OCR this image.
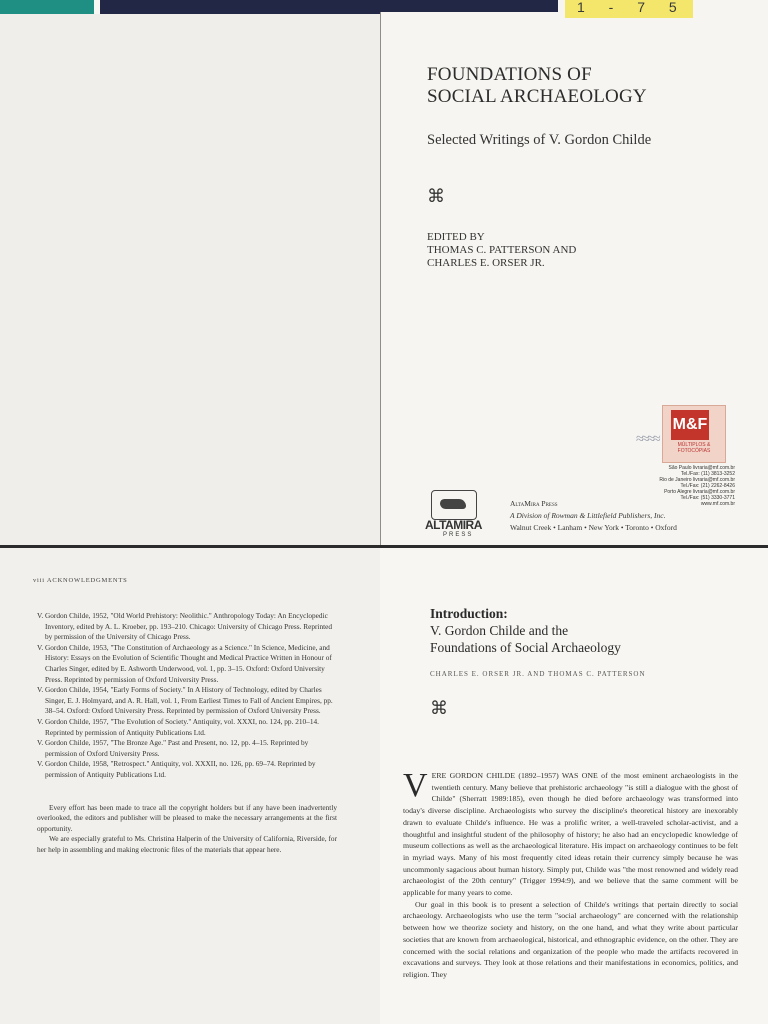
1 - 7 5
FOUNDATIONS OF
SOCIAL ARCHAEOLOGY
Selected Writings of V. Gordon Childe
⌘
EDITED BY
THOMAS C. PATTERSON AND
CHARLES E. ORSER JR.
≈≈≈≈
M&F
MÚLTIPLOS & FOTOCÓPIAS
São Paulo livraria@mf.com.br
Tel./Fax: (11) 3813-3252
Rio de Janeiro livraria@mf.com.br
Tel./Fax: (21) 2262-8426
Porto Alegre livraria@mf.com.br
Tel./Fax: (51) 3330-3771
www.mf.com.br
ALTAMIRA
PRESS
AltaMira Press
A Division of Rowman & Littlefield Publishers, Inc.
Walnut Creek • Lanham • New York • Toronto • Oxford
viii ACKNOWLEDGMENTS
V. Gordon Childe, 1952, "Old World Prehistory: Neolithic." Anthropology Today: An Encyclopedic Inventory, edited by A. L. Kroeber, pp. 193–210. Chicago: University of Chicago Press. Reprinted by permission of the University of Chicago Press.
V. Gordon Childe, 1953, "The Constitution of Archaeology as a Science." In Science, Medicine, and History: Essays on the Evolution of Scientific Thought and Medical Practice Written in Honour of Charles Singer, edited by E. Ashworth Underwood, vol. 1, pp. 3–15. Oxford: Oxford University Press. Reprinted by permission of Oxford University Press.
V. Gordon Childe, 1954, "Early Forms of Society." In A History of Technology, edited by Charles Singer, E. J. Holmyard, and A. R. Hall, vol. 1, From Earliest Times to Fall of Ancient Empires, pp. 38–54. Oxford: Oxford University Press. Reprinted by permission of Oxford University Press.
V. Gordon Childe, 1957, "The Evolution of Society." Antiquity, vol. XXXI, no. 124, pp. 210–14. Reprinted by permission of Antiquity Publications Ltd.
V. Gordon Childe, 1957, "The Bronze Age." Past and Present, no. 12, pp. 4–15. Reprinted by permission of Oxford University Press.
V. Gordon Childe, 1958, "Retrospect." Antiquity, vol. XXXII, no. 126, pp. 69–74. Reprinted by permission of Antiquity Publications Ltd.
Every effort has been made to trace all the copyright holders but if any have been inadvertently overlooked, the editors and publisher will be pleased to make the necessary arrangements at the first opportunity.
We are especially grateful to Ms. Christina Halperin of the University of California, Riverside, for her help in assembling and making electronic files of the materials that appear here.
Introduction:
V. Gordon Childe and the
Foundations of Social Archaeology
CHARLES E. ORSER JR. AND THOMAS C. PATTERSON
⌘

VERE GORDON CHILDE (1892–1957) WAS ONE of the most eminent archaeologists in the twentieth century. Many believe that prehistoric archaeology "is still a dialogue with the ghost of Childe" (Sherratt 1989:185), even though he died before archaeology was transformed into today's diverse discipline. Archaeologists who survey the discipline's theoretical history are inexorably drawn to evaluate Childe's influence. He was a prolific writer, a well-traveled scholar-activist, and a thoughtful and insightful student of the philosophy of history; he also had an encyclopedic knowledge of museum collections as well as the archaeological literature. His impact on archaeology continues to be felt in myriad ways. Many of his most frequently cited ideas retain their currency simply because he was uncommonly sagacious about human history. Simply put, Childe was "the most renowned and widely read archaeologist of the 20th century" (Trigger 1994:9), and we believe that the same comment will be applicable for many years to come.

Our goal in this book is to present a selection of Childe's writings that pertain directly to social archaeology. Archaeologists who use the term "social archaeology" are concerned with the relationship between how we theorize society and history, on the one hand, and what they write about particular societies that are known from archaeological, historical, and ethnographic evidence, on the other. They are concerned with the social relations and organization of the people who made the artifacts recovered in excavations and surveys. They look at those relations and their manifestations in economics, politics, and religion. They
